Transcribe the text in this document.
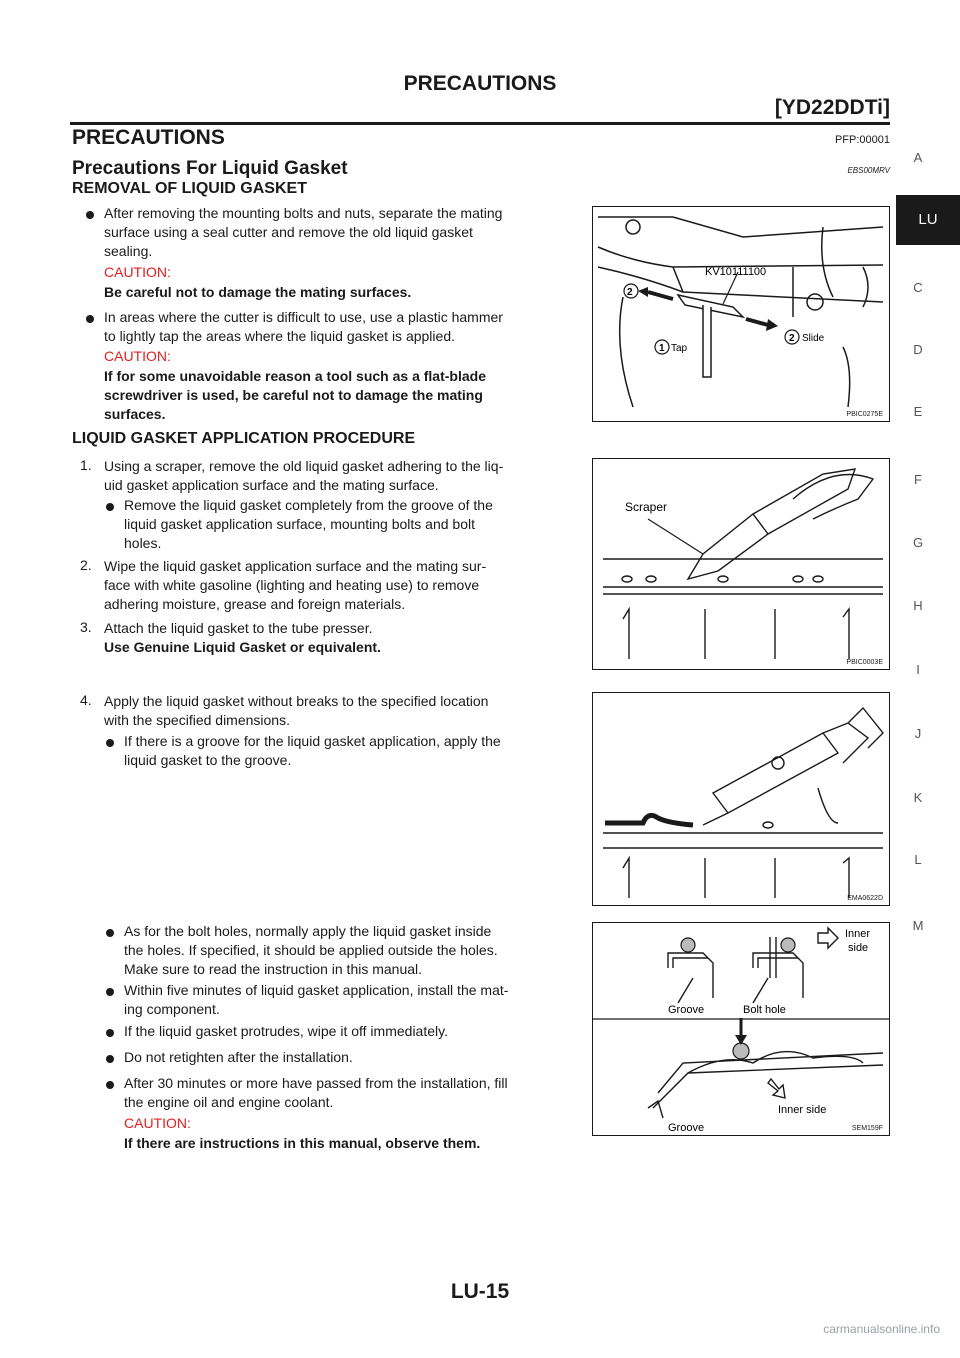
PRECAUTIONS
[YD22DDTi]
PRECAUTIONS	PFP:00001
Precautions For Liquid Gasket	EBS00MRV
REMOVAL OF LIQUID GASKET
After removing the mounting bolts and nuts, separate the mating
surface using a seal cutter and remove the old liquid gasket
sealing.
CAUTION:
Be careful not to damage the mating surfaces.
In areas where the cutter is difficult to use, use a plastic hammer
to lightly tap the areas where the liquid gasket is applied.
CAUTION:
If for some unavoidable reason a tool such as a flat-blade
screwdriver is used, be careful not to damage the mating
surfaces.
KV10111100
2
1 Tap
2 Slide
PBIC0275E
LIQUID GASKET APPLICATION PROCEDURE
1. Using a scraper, remove the old liquid gasket adhering to the liq-
uid gasket application surface and the mating surface.
Remove the liquid gasket completely from the groove of the
liquid gasket application surface, mounting bolts and bolt
holes.
2. Wipe the liquid gasket application surface and the mating sur-
face with white gasoline (lighting and heating use) to remove
adhering moisture, grease and foreign materials.
3. Attach the liquid gasket to the tube presser.
Use Genuine Liquid Gasket or equivalent.
Scraper
PBIC0003E
4. Apply the liquid gasket without breaks to the specified location
with the specified dimensions.
If there is a groove for the liquid gasket application, apply the
liquid gasket to the groove.
EMA0622D
As for the bolt holes, normally apply the liquid gasket inside
the holes. If specified, it should be applied outside the holes.
Make sure to read the instruction in this manual.
Within five minutes of liquid gasket application, install the mat-
ing component.
If the liquid gasket protrudes, wipe it off immediately.
Do not retighten after the installation.
After 30 minutes or more have passed from the installation, fill
the engine oil and engine coolant.
CAUTION:
If there are instructions in this manual, observe them.
Inner
side
Groove	Bolt hole
Inner side
Groove	SEM159F
A
LU
C
D
E
F
G
H
I
J
K
L
M
LU-15
carmanualsonline.info
